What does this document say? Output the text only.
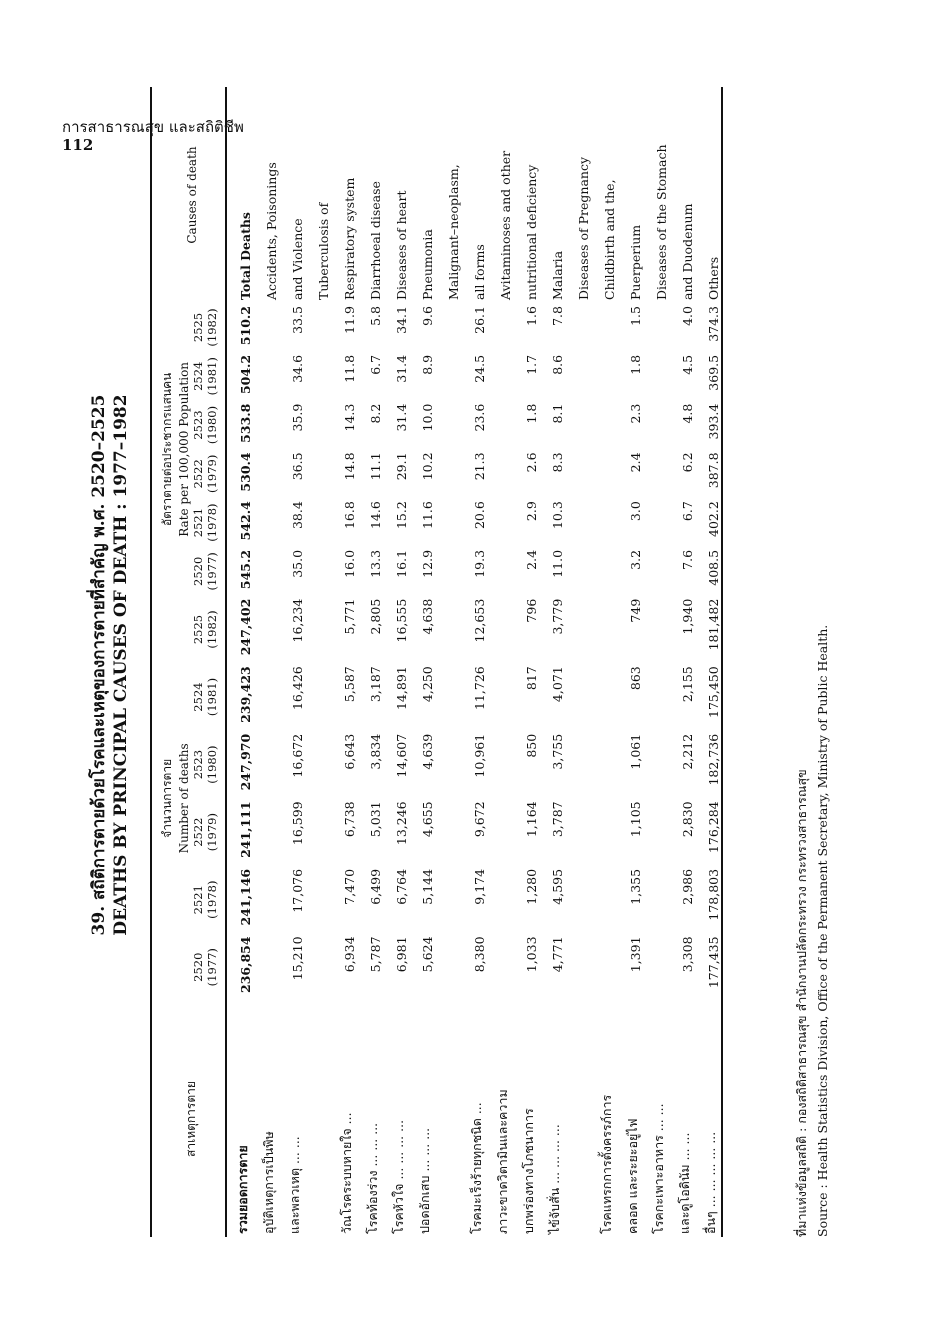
การสาธารณสุข และสถิติชีพ
112
39. สถิติการตายด้วยโรคและเหตุของการตายที่สำคัญ พ.ศ. 2520–2525 DEATHS BY PRINCIPAL CAUSES OF DEATH : 1977–1982
สาเหตุการตาย	จำนวนการตาย Number of deaths						อัตราตายต่อประชากรแสนคน Rate per 100,000 Population						Causes of death

	2520 (1977)	2521 (1978)	2522 (1979)	2523 (1980)	2524 (1981)	2525 (1982)	2520 (1977)	2521 (1978)	2522 (1979)	2523 (1980)	2524 (1981)	2525 (1982)	

รวมยอดการตาย	236,854	241,146	241,111	247,970	239,423	247,402	545.2	542.4	530.4	533.8	504.2	510.2	Total Deaths
อุบัติเหตุการเป็นพิษ													Accidents, Poisonings
และพลวเหตุ ... ...	15,210	17,076	16,599	16,672	16,426	16,234	35.0	38.4	36.5	35.9	34.6	33.5	and Violence
													Tuberculosis of
วัณโรคระบบหายใจ ...	6,934	7,470	6,738	6,643	5,587	5,771	16.0	16.8	14.8	14.3	11.8	11.9	Respiratory system
โรคท้องร่วง ... ... ...	5,787	6,499	5,031	3,834	3,187	2,805	13.3	14.6	11.1	8.2	6.7	5.8	Diarrhoeal disease
โรคหัวใจ ... ... ... ...	6,981	6,764	13,246	14,607	14,891	16,555	16.1	15.2	29.1	31.4	31.4	34.1	Diseases of heart
ปอดอักเสบ ... ... ...	5,624	5,144	4,655	4,639	4,250	4,638	12.9	11.6	10.2	10.0	8.9	9.6	Pneumonia
													Malignant–neoplasm,
โรคมะเร็งร้ายทุกชนิด ...	8,380	9,174	9,672	10,961	11,726	12,653	19.3	20.6	21.3	23.6	24.5	26.1	all forms
ภาวะขาดวิตามินและความ													Avitaminoses and other
บกพร่องทางโภชนาการ	1,033	1,280	1,164	850	817	796	2.4	2.9	2.6	1.8	1.7	1.6	nutritional deficiency
ไข้จับสั่น ... ... ... ...	4,771	4,595	3,787	3,755	4,071	3,779	11.0	10.3	8.3	8.1	8.6	7.8	Malaria
													Diseases of Pregnancy
โรคแทรกการตั้งครรภ์การ													Childbirth and the,
คลอด และระยะอยู่ไฟ	1,391	1,355	1,105	1,061	863	749	3.2	3.0	2.4	2.3	1.8	1.5	Puerperium
โรคกะเพาะอาหาร ... ...													Diseases of the Stomach
และดูโอดินัม ... ...	3,308	2,986	2,830	2,212	2,155	1,940	7.6	6.7	6.2	4.8	4.5	4.0	and Duodenum
อื่นๆ ... ... ... ... ...	177,435	178,803	176,284	182,736	175,450	181,482	408.5	402.2	387.8	393.4	369.5	374.3	Others

ที่มาแห่งข้อมูลสถิติ : กองสถิติสาธารณสุข สำนักงานปลัดกระทรวง กระทรวงสาธารณสุข Source : Health Statistics Division, Office of the Permanent Secretary, Ministry of Public Health.
